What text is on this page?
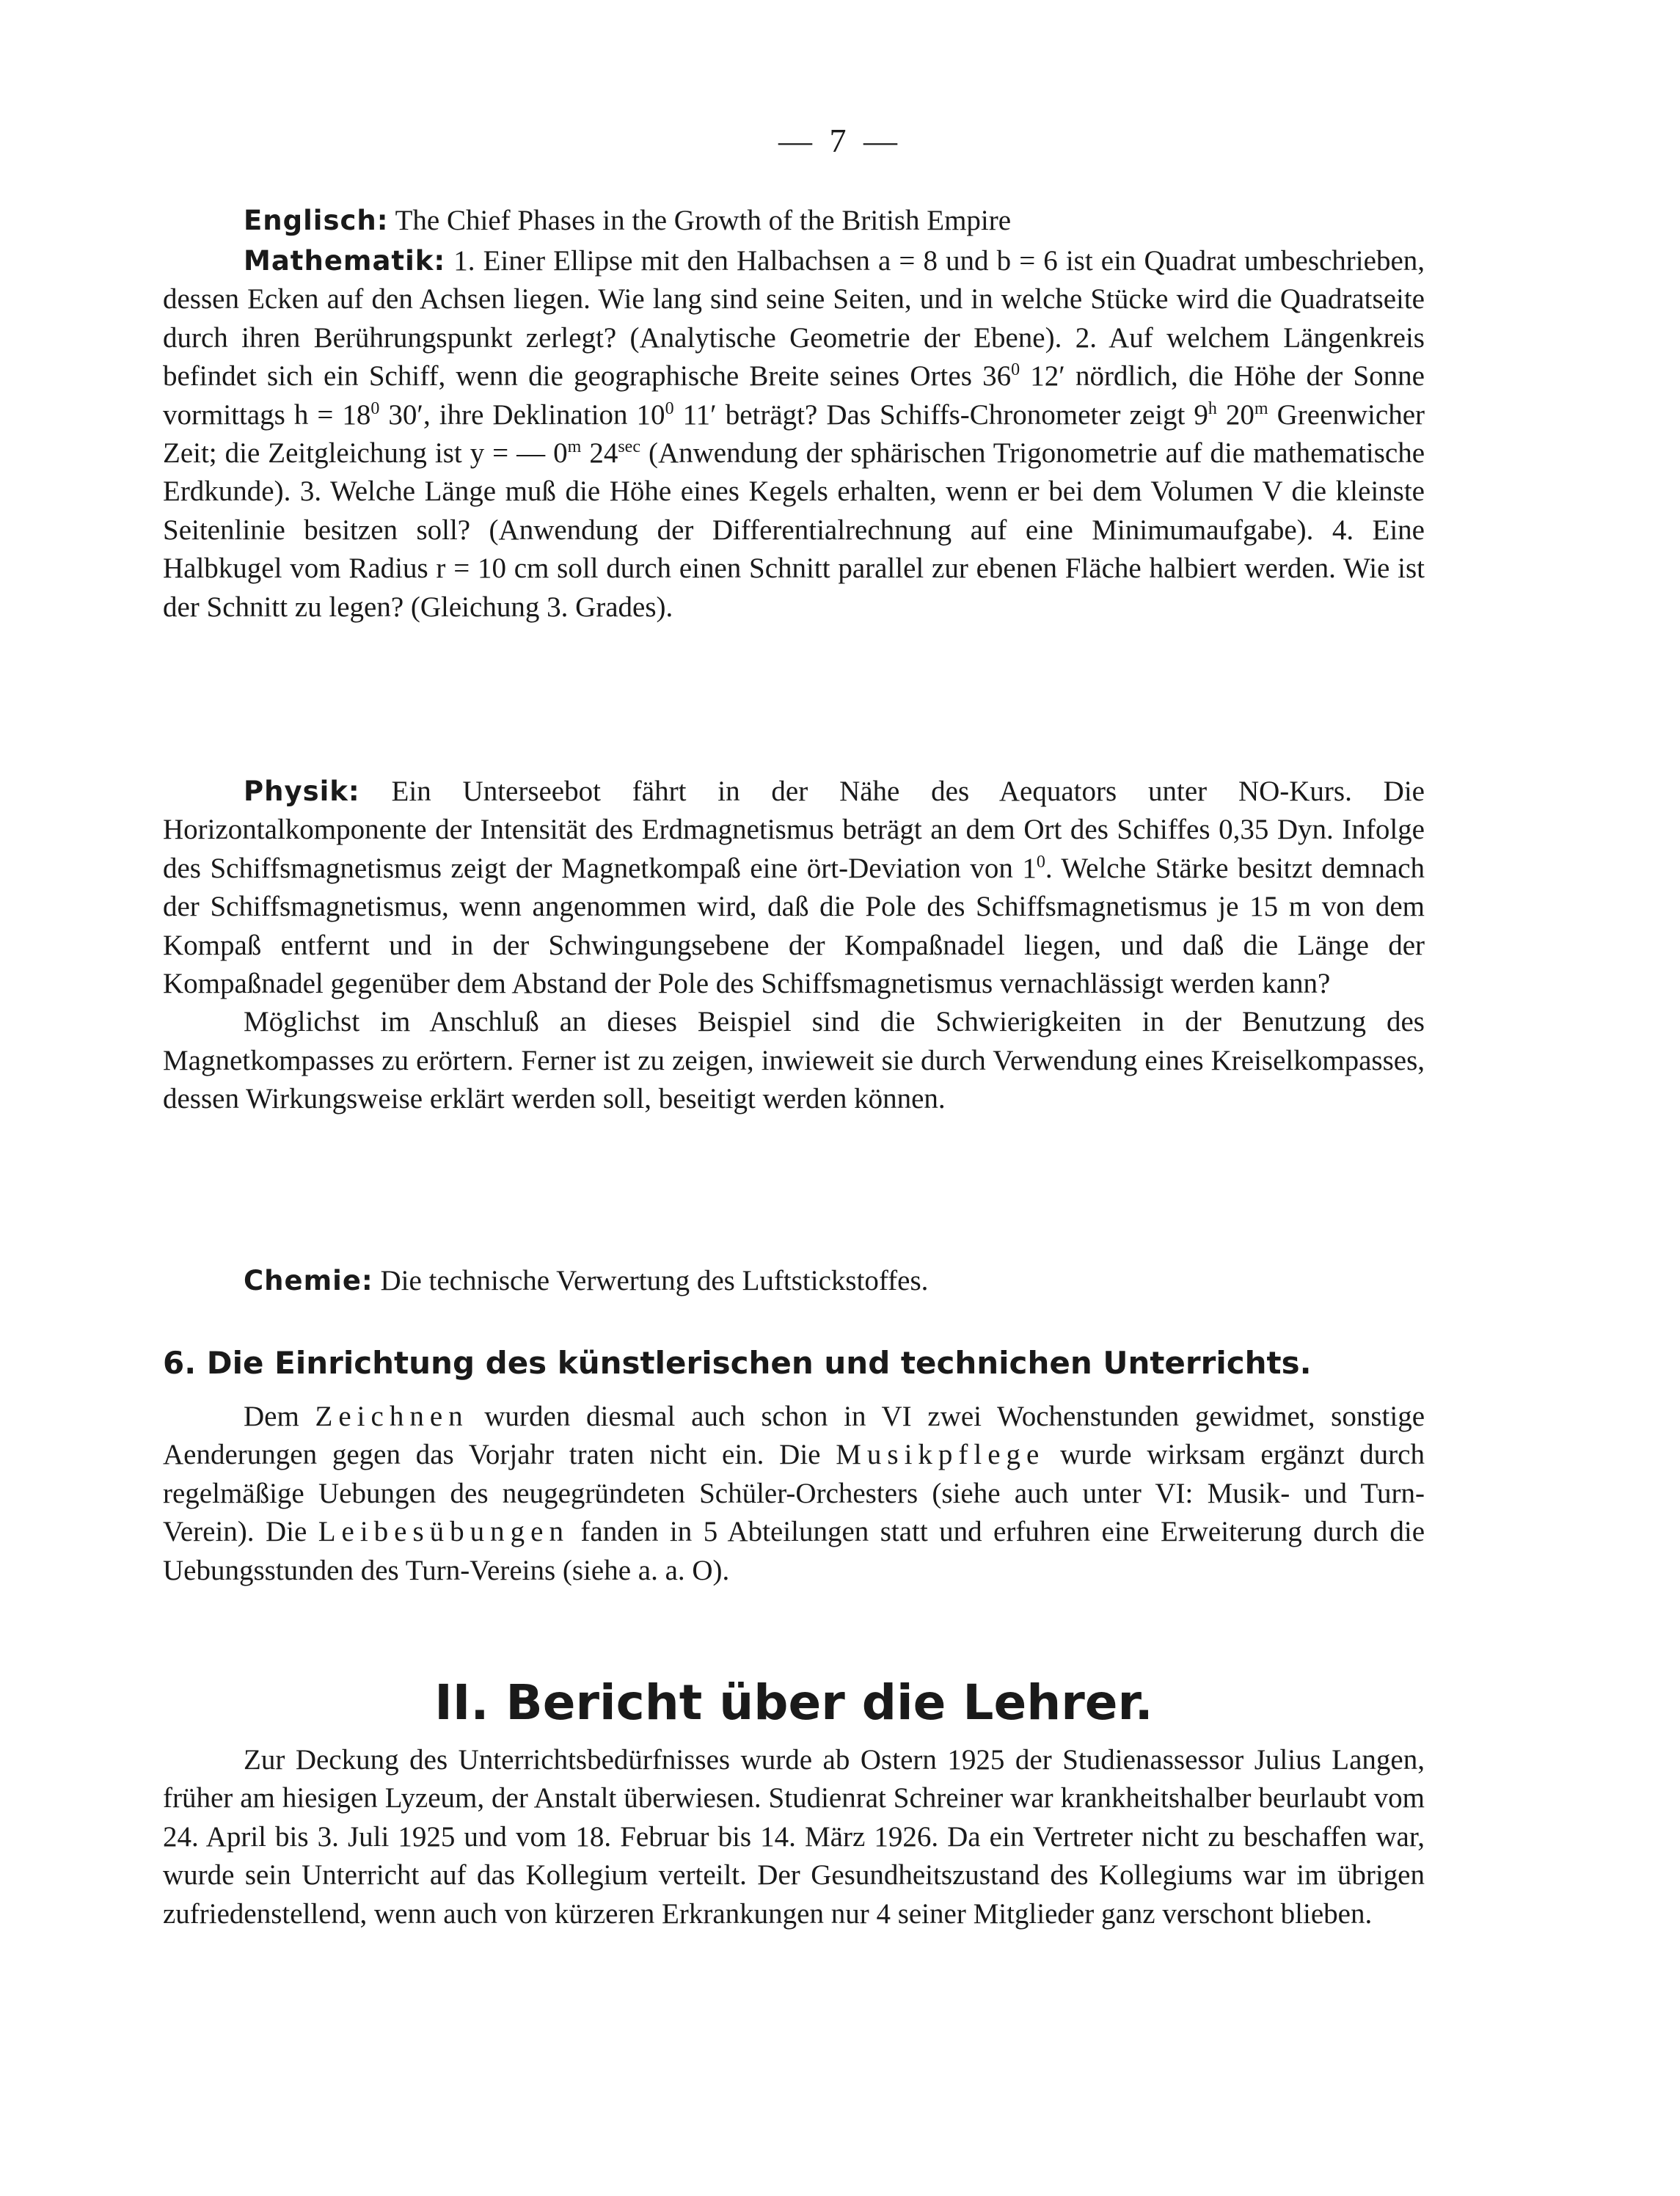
— 7 —

Englisch: The Chief Phases in the Growth of the British Empire

Mathematik: 1. Einer Ellipse mit den Halbachsen a = 8 und b = 6 ist ein Quadrat umbeschrieben, dessen Ecken auf den Achsen liegen. Wie lang sind seine Seiten, und in welche Stücke wird die Quadratseite durch ihren Berührungspunkt zerlegt? (Analytische Geometrie der Ebene). 2. Auf welchem Längenkreis befindet sich ein Schiff, wenn die geographische Breite seines Ortes $36^0$ 12′ nördlich, die Höhe der Sonne vormittags $h = 18^0$ 30′, ihre Deklination $10^0$ 11′ beträgt? Das Schiffs-Chronometer zeigt 9$^h$ 20$^m$ Greenwicher Zeit; die Zeitgleichung ist y = — 0$^m$ $24^{sec}$ (Anwendung der sphärischen Trigonometrie auf die mathematische Erdkunde). 3. Welche Länge muß die Höhe eines Kegels erhalten, wenn er bei dem Volumen V die kleinste Seitenlinie besitzen soll? (Anwendung der Differentialrechnung auf eine Minimumaufgabe). 4. Eine Halbkugel vom Radius r = 10 cm soll durch einen Schnitt parallel zur ebenen Fläche halbiert werden. Wie ist der Schnitt zu legen? (Gleichung 3. Grades).

Physik: Ein Unterseebot fährt in der Nähe des Aequators unter NO-Kurs. Die Horizontalkomponente der Intensität des Erdmagnetismus beträgt an dem Ort des Schiffes 0,35 Dyn. Infolge des Schiffsmagnetismus zeigt der Magnetkompaß eine ört-Deviation von $1^0$. Welche Stärke besitzt demnach der Schiffsmagnetismus, wenn angenommen wird, daß die Pole des Schiffsmagnetismus je 15 m von dem Kompaß entfernt und in der Schwingungsebene der Kompaßnadel liegen, und daß die Länge der Kompaßnadel gegenüber dem Abstand der Pole des Schiffsmagnetismus vernachlässigt werden kann?

Möglichst im Anschluß an dieses Beispiel sind die Schwierigkeiten in der Benutzung des Magnetkompasses zu erörtern. Ferner ist zu zeigen, inwieweit sie durch Verwendung eines Kreiselkompasses, dessen Wirkungsweise erklärt werden soll, beseitigt werden können.

Chemie: Die technische Verwertung des Luftstickstoffes.

6. Die Einrichtung des künstlerischen und technichen Unterrichts.

Dem Zeichnen wurden diesmal auch schon in VI zwei Wochenstunden gewidmet, sonstige Aenderungen gegen das Vorjahr traten nicht ein. Die Musikpflege wurde wirksam ergänzt durch regelmäßige Uebungen des neugegründeten Schüler-Orchesters (siehe auch unter VI: Musik- und Turn-Verein). Die Leibesübungen fanden in 5 Abteilungen statt und erfuhren eine Erweiterung durch die Uebungsstunden des Turn-Vereins (siehe a. a. O).

II. Bericht über die Lehrer.

Zur Deckung des Unterrichtsbedürfnisses wurde ab Ostern 1925 der Studienassessor Julius Langen, früher am hiesigen Lyzeum, der Anstalt überwiesen. Studienrat Schreiner war krankheitshalber beurlaubt vom 24. April bis 3. Juli 1925 und vom 18. Februar bis 14. März 1926. Da ein Vertreter nicht zu beschaffen war, wurde sein Unterricht auf das Kollegium verteilt. Der Gesundheitszustand des Kollegiums war im übrigen zufriedenstellend, wenn auch von kürzeren Erkrankungen nur 4 seiner Mitglieder ganz verschont blieben.
